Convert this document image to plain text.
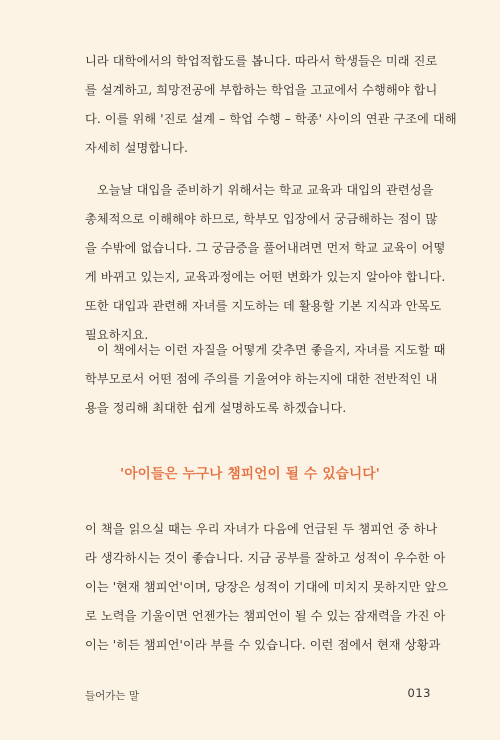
니라 대학에서의 학업적합도를 봅니다. 따라서 학생들은 미래 진로
를 설계하고, 희망전공에 부합하는 학업을 고교에서 수행해야 합니
다. 이를 위해 '진로 설계 – 학업 수행 – 학종' 사이의 연관 구조에 대해
자세히 설명합니다.
오늘날 대입을 준비하기 위해서는 학교 교육과 대입의 관련성을
총체적으로 이해해야 하므로, 학부모 입장에서 궁금해하는 점이 많
을 수밖에 없습니다. 그 궁금증을 풀어내려면 먼저 학교 교육이 어떻
게 바뀌고 있는지, 교육과정에는 어떤 변화가 있는지 알아야 합니다.
또한 대입과 관련해 자녀를 지도하는 데 활용할 기본 지식과 안목도
필요하지요.
이 책에서는 이런 자질을 어떻게 갖추면 좋을지, 자녀를 지도할 때
학부모로서 어떤 점에 주의를 기울여야 하는지에 대한 전반적인 내
용을 정리해 최대한 쉽게 설명하도록 하겠습니다.
'아이들은 누구나 챔피언이 될 수 있습니다'
이 책을 읽으실 때는 우리 자녀가 다음에 언급된 두 챔피언 중 하나
라 생각하시는 것이 좋습니다. 지금 공부를 잘하고 성적이 우수한 아
이는 '현재 챔피언'이며, 당장은 성적이 기대에 미치지 못하지만 앞으
로 노력을 기울이면 언젠가는 챔피언이 될 수 있는 잠재력을 가진 아
이는 '히든 챔피언'이라 부를 수 있습니다. 이런 점에서 현재 상황과
들어가는 말	013
